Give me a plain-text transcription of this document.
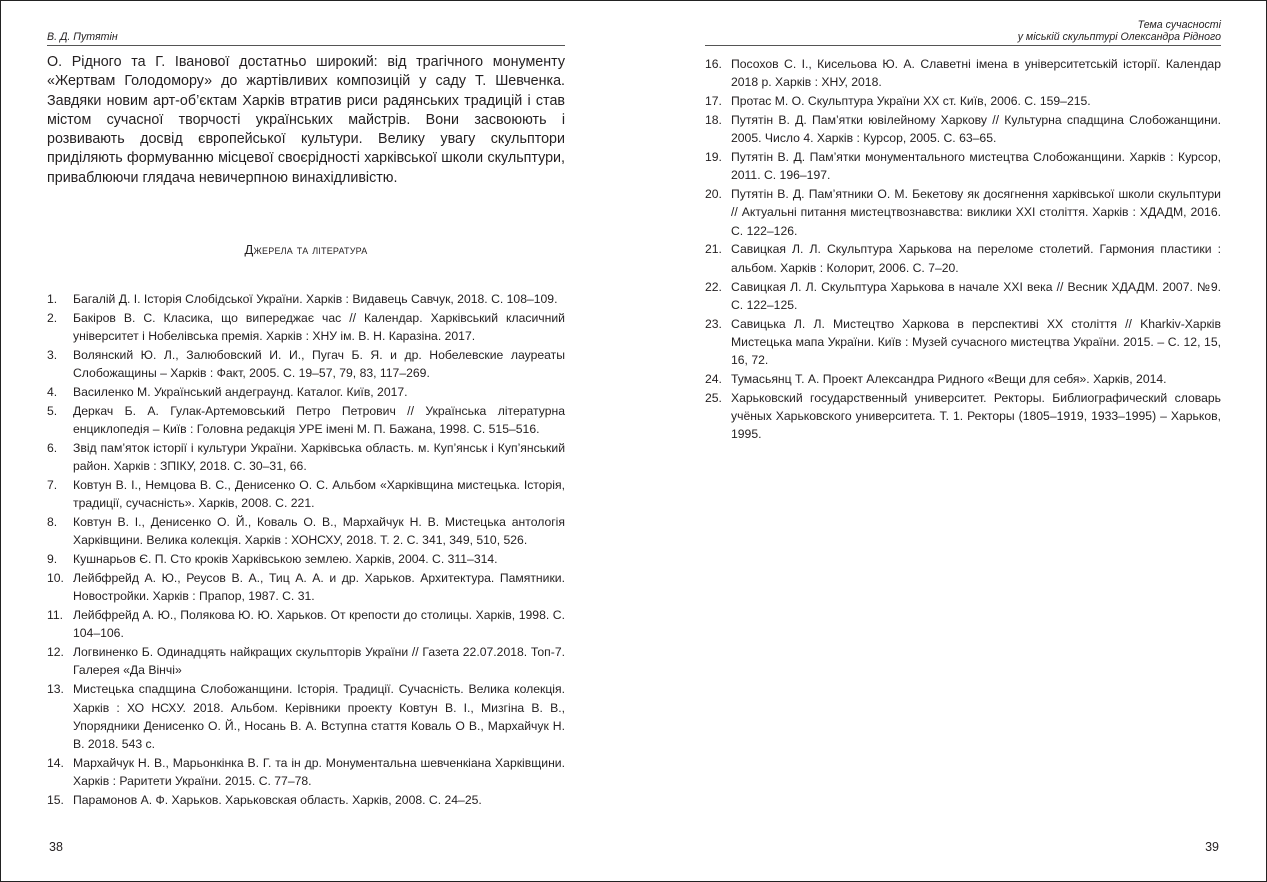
В. Д. Путятін

О. Рідного та Г. Іванової достатньо широкий: від трагічного монументу «Жертвам Голодомору» до жартівливих композицій у саду Т. Шевченка. Завдяки новим арт-об’єктам Харків втратив риси радянських традицій і став містом сучасної творчості українських майстрів. Вони засвоюють і розвивають досвід європейської культури. Велику увагу скульптори приділяють формуванню місцевої своєрідності харківської школи скульптури, приваблюючи глядача невичерпною винахідливістю.

Джерела та література
1. Багалій Д. І. Історія Слобідської України. Харків : Видавець Савчук, 2018. С. 108–109.
2. Бакіров В. С. Класика, що випереджає час // Календар. Харківський класичний університет і Нобелівська премія. Харків : ХНУ ім. В. Н. Каразіна. 2017.
3. Волянский Ю. Л., Залюбовский И. И., Пугач Б. Я. и др. Нобелевские лауреаты Слобожащины – Харків : Факт, 2005. С. 19–57, 79, 83, 117–269.
4. Василенко М. Український андеграунд. Каталог. Київ, 2017.
5. Деркач Б. А. Гулак-Артемовський Петро Петрович // Українська літературна енциклопедія – Київ : Головна редакція УРЕ імені М. П. Бажана, 1998. С. 515–516.
6. Звід пам’яток історії і культури України. Харківська область. м. Куп’янськ і Куп’янський район. Харків : ЗПІКУ, 2018. С. 30–31, 66.
7. Ковтун В. І., Немцова В. С., Денисенко О. С. Альбом «Харківщина мистецька. Історія, традиції, сучасність». Харків, 2008. С. 221.
8. Ковтун В. І., Денисенко О. Й., Коваль О. В., Мархайчук Н. В. Мистецька антологія Харківщини. Велика колекція. Харків : ХОНСХУ, 2018. Т. 2. С. 341, 349, 510, 526.
9. Кушнарьов Є. П. Сто кроків Харківською землею. Харків, 2004. С. 311–314.
10. Лейбфрейд А. Ю., Реусов В. А., Тиц А. А. и др. Харьков. Архитектура. Памятники. Новостройки. Харків : Прапор, 1987. С. 31.
11. Лейбфрейд А. Ю., Полякова Ю. Ю. Харьков. От крепости до столицы. Харків, 1998. С. 104–106.
12. Логвиненко Б. Одинадцять найкращих скульпторів України // Газета 22.07.2018. Топ-7. Галерея «Да Вінчі»
13. Мистецька спадщина Слобожанщини. Історія. Традиції. Сучасність. Велика колекція. Харків : ХО НСХУ. 2018. Альбом. Керівники проекту Ковтун В. І., Мизгіна В. В., Упорядники Денисенко О. Й., Носань В. А. Вступна стаття Коваль О В., Мархайчук Н. В. 2018. 543 с.
14. Мархайчук Н. В., Марьонкінка В. Г. та ін др. Монументальна шевченкіана Харківщини. Харків : Раритети України. 2015. С. 77–78.
15. Парамонов А. Ф. Харьков. Харьковская область. Харків, 2008. С. 24–25.
38
Тема сучасності
у міській скульптурі Олександра Рідного
16. Посохов С. І., Кисельова Ю. А. Славетні імена в університетській історії. Календар 2018 р. Харків : ХНУ, 2018.
17. Протас М. О. Скульптура України ХХ ст. Київ, 2006. С. 159–215.
18. Путятін В. Д. Пам’ятки ювілейному Харкову // Культурна спадщина Слобожанщини. 2005. Число 4. Харків : Курсор, 2005. С. 63–65.
19. Путятін В. Д. Пам’ятки монументального мистецтва Слобожанщини. Харків : Курсор, 2011. С. 196–197.
20. Путятін В. Д. Пам’ятники О. М. Бекетову як досягнення харківської школи скульптури // Актуальні питання мистецтвознавства: виклики ХХІ століття. Харків : ХДАДМ, 2016. С. 122–126.
21. Савицкая Л. Л. Скульптура Харькова на переломе столетий. Гармония пластики : альбом. Харків : Колорит, 2006. С. 7–20.
22. Савицкая Л. Л. Скульптура Харькова в начале ХХІ века // Весник ХДАДМ. 2007. №9. С. 122–125.
23. Савицька Л. Л. Мистецтво Харкова в перспективі ХХ століття // Kharkiv-Харків Мистецька мапа України. Київ : Музей сучасного мистецтва України. 2015. – С. 12, 15, 16, 72.
24. Тумасьянц Т. А. Проект Александра Ридного «Вещи для себя». Харків, 2014.
25. Харьковский государственный университет. Ректоры. Библиографический словарь учёных Харьковского университета. Т. 1. Ректоры (1805–1919, 1933–1995) – Харьков, 1995.
39
